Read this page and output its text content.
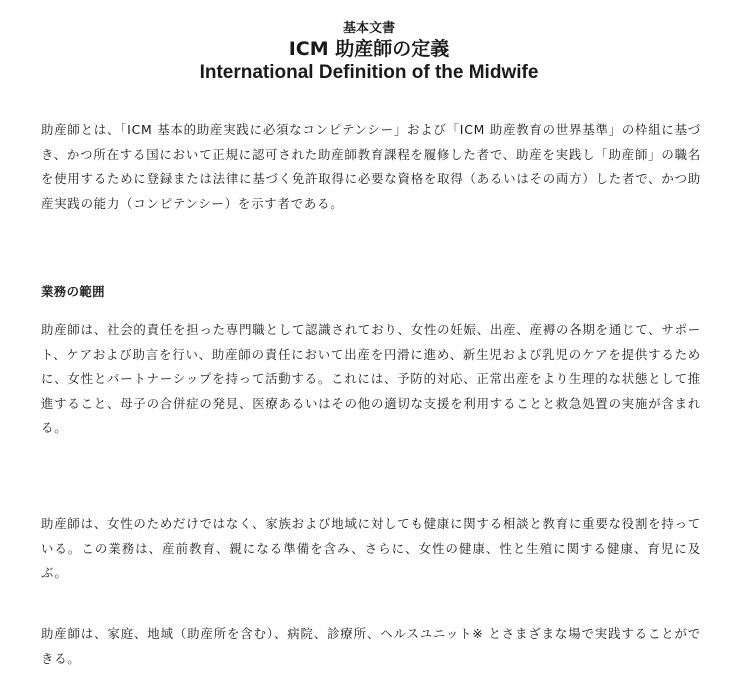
基本文書
ICM 助産師の定義
International Definition of the Midwife
助産師とは、「ICM 基本的助産実践に必須なコンピテンシー」および「ICM 助産教育の世界基準」の枠組に基づき、かつ所在する国において正規に認可された助産師教育課程を履修した者で、助産を実践し「助産師」の職名を使用するために登録または法律に基づく免許取得に必要な資格を取得（あるいはその両方）した者で、かつ助産実践の能力（コンピテンシー）を示す者である。
業務の範囲
助産師は、社会的責任を担った専門職として認識されており、女性の妊娠、出産、産褥の各期を通じて、サポート、ケアおよび助言を行い、助産師の責任において出産を円滑に進め、新生児および乳児のケアを提供するために、女性とパートナーシップを持って活動する。これには、予防的対応、正常出産をより生理的な状態として推進すること、母子の合併症の発見、医療あるいはその他の適切な支援を利用することと救急処置の実施が含まれる。
助産師は、女性のためだけではなく、家族および地域に対しても健康に関する相談と教育に重要な役割を持っている。この業務は、産前教育、親になる準備を含み、さらに、女性の健康、性と生殖に関する健康、育児に及ぶ。
助産師は、家庭、地域（助産所を含む）、病院、診療所、ヘルスユニット※ とさまざまな場で実践することができる。
